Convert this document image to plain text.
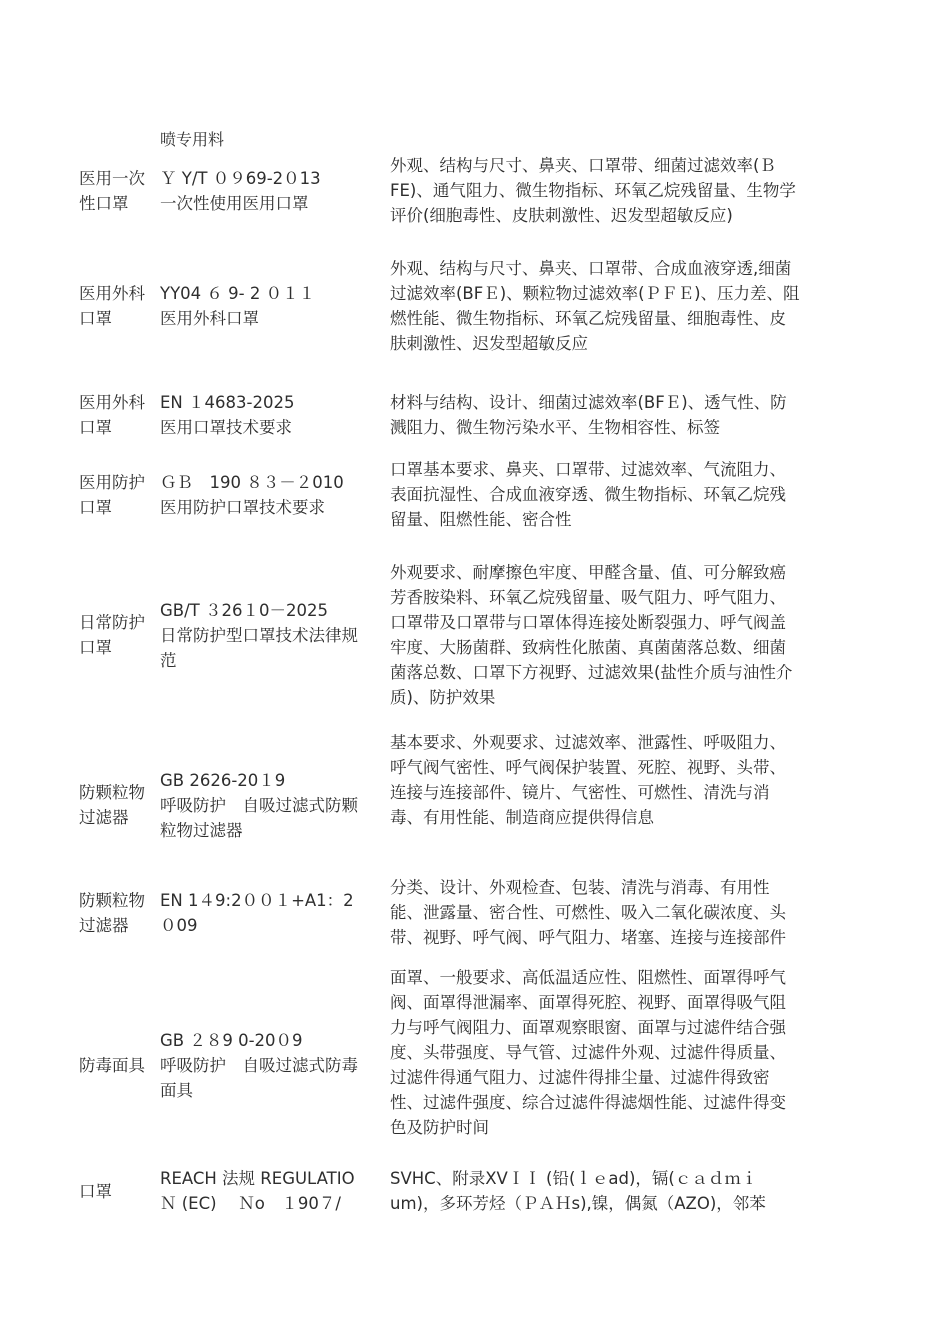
喷专用料
医用一次
性口罩
Ｙ Y/T ０９69-2０13
一次性使用医用口罩
外观、结构与尺寸、鼻夹、口罩带、细菌过滤效率(Ｂ
FE)、通气阻力、微生物指标、环氧乙烷残留量、生物学
评价(细胞毒性、皮肤刺激性、迟发型超敏反应)
医用外科
口罩
YY04 ６ 9- 2 ０１１
医用外科口罩
外观、结构与尺寸、鼻夹、口罩带、合成血液穿透,细菌
过滤效率(BFＥ)、颗粒物过滤效率(ＰＦＥ)、压力差、阻
燃性能、微生物指标、环氧乙烷残留量、细胞毒性、皮
肤刺激性、迟发型超敏反应
医用外科
口罩
EN １4683-2025
医用口罩技术要求
材料与结构、设计、细菌过滤效率(BFＥ)、透气性、防
溅阻力、微生物污染水平、生物相容性、标签
医用防护
口罩
ＧＢ　190 ８３－２010
医用防护口罩技术要求
口罩基本要求、鼻夹、口罩带、过滤效率、气流阻力、
表面抗湿性、合成血液穿透、微生物指标、环氧乙烷残
留量、阻燃性能、密合性
日常防护
口罩
GB/T ３26１0－2025
日常防护型口罩技术法律规
范
外观要求、耐摩擦色牢度、甲醛含量、值、可分解致癌
芳香胺染料、环氧乙烷残留量、吸气阻力、呼气阻力、
口罩带及口罩带与口罩体得连接处断裂强力、呼气阀盖
牢度、大肠菌群、致病性化脓菌、真菌菌落总数、细菌
菌落总数、口罩下方视野、过滤效果(盐性介质与油性介
质)、防护效果
防颗粒物
过滤器
GB 2626-20１9
呼吸防护　自吸过滤式防颗
粒物过滤器
基本要求、外观要求、过滤效率、泄露性、呼吸阻力、
呼气阀气密性、呼气阀保护装置、死腔、视野、头带、
连接与连接部件、镜片、气密性、可燃性、清洗与消
毒、有用性能、制造商应提供得信息
防颗粒物
过滤器
EN 1４9:2００１+A1：2
０09
分类、设计、外观检查、包装、清洗与消毒、有用性
能、泄露量、密合性、可燃性、吸入二氧化碳浓度、头
带、视野、呼气阀、呼气阻力、堵塞、连接与连接部件
防毒面具
GB ２８9 0-20０9
呼吸防护　自吸过滤式防毒
面具
面罩、一般要求、高低温适应性、阻燃性、面罩得呼气
阀、面罩得泄漏率、面罩得死腔、视野、面罩得吸气阻
力与呼气阀阻力、面罩观察眼窗、面罩与过滤件结合强
度、头带强度、导气管、过滤件外观、过滤件得质量、
过滤件得通气阻力、过滤件得排尘量、过滤件得致密
性、过滤件强度、综合过滤件得滤烟性能、过滤件得变
色及防护时间
口罩
REACH 法规 REGULATIO
Ｎ (EC)　 Ｎo　１90７/
SVHC、附录XVＩＩ (铅(ｌｅad)，镉(ｃａｄｍｉ
um)，多环芳烃（ＰＡＨs),镍，偶氮（AZO)，邻苯
